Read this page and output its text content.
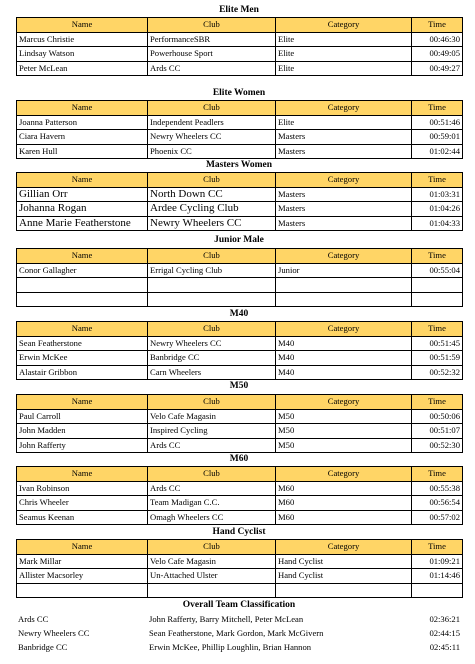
Elite Men
Name	Club	Category	Time
Marcus Christie	PerformanceSBR	Elite	00:46:30
Lindsay Watson	Powerhouse Sport	Elite	00:49:05
Peter McLean	Ards CC	Elite	00:49:27
Elite Women
Name	Club	Category	Time
Joanna Patterson	Independent Peadlers	Elite	00:51:46
Ciara Havern	Newry Wheelers CC	Masters	00:59:01
Karen Hull	Phoenix CC	Masters	01:02:44
Masters Women
Name	Club	Category	Time
Gillian Orr	North Down CC	Masters	01:03:31
Johanna Rogan	Ardee Cycling Club	Masters	01:04:26
Anne Marie Featherstone	Newry Wheelers CC	Masters	01:04:33
Junior Male
Name	Club	Category	Time
Conor Gallagher	Errigal Cycling Club	Junior	00:55:04

M40
Name	Club	Category	Time
Sean Featherstone	Newry Wheelers CC	M40	00:51:45
Erwin McKee	Banbridge CC	M40	00:51:59
Alastair Gribbon	Carn Wheelers	M40	00:52:32
M50
Name	Club	Category	Time
Paul Carroll	Velo Cafe Magasin	M50	00:50:06
John Madden	Inspired Cycling	M50	00:51:07
John Rafferty	Ards CC	M50	00:52:30
M60
Name	Club	Category	Time
Ivan Robinson	Ards CC	M60	00:55:38
Chris Wheeler	Team Madigan C.C.	M60	00:56:54
Seamus Keenan	Omagh Wheelers CC	M60	00:57:02
Hand Cyclist
Name	Club	Category	Time
Mark Millar	Velo Cafe Magasin	Hand Cyclist	01:09:21
Allister Macsorley	Un-Attached Ulster	Hand Cyclist	01:14:46

Overall Team Classification
Ards CC	John Rafferty, Barry Mitchell, Peter McLean	02:36:21
Newry Wheelers CC	Sean Featherstone, Mark Gordon, Mark McGivern	02:44:15
Banbridge CC	Erwin McKee, Phillip Loughlin, Brian Hannon	02:45:11
